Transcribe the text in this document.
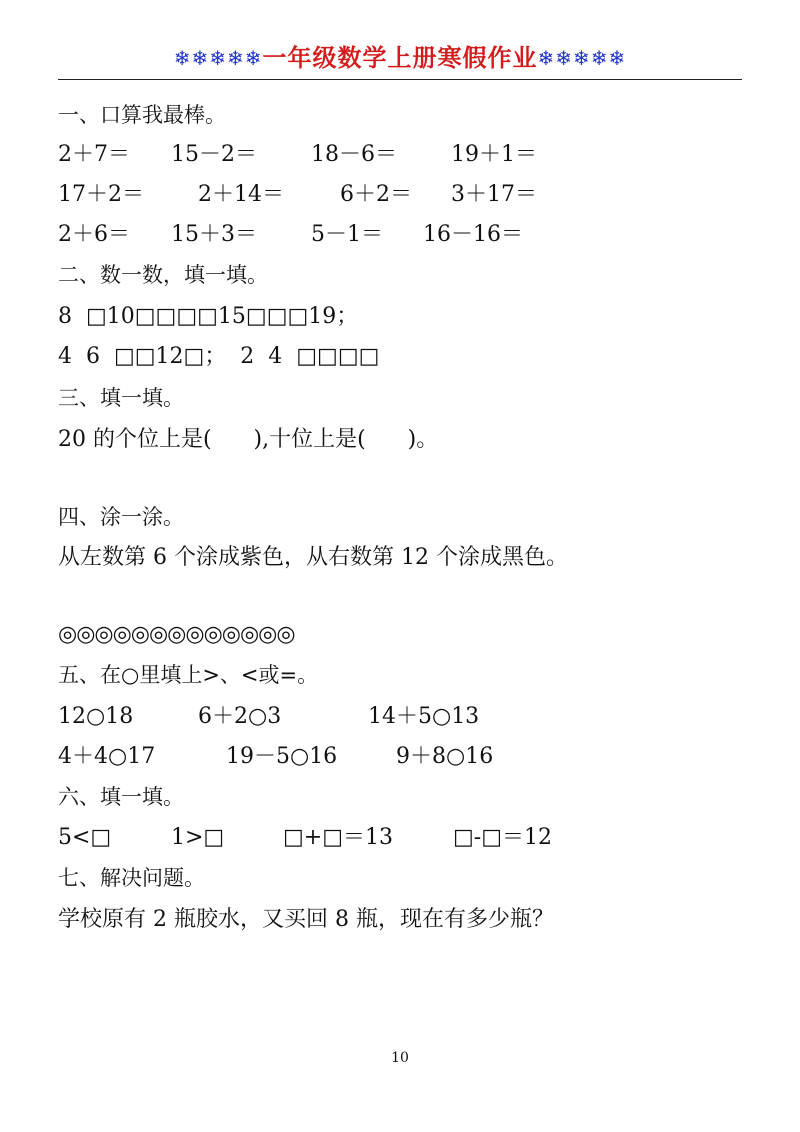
❄❄❄❄❄一年级数学上册寒假作业❄❄❄❄❄
一、口算我最棒。
2＋7＝ 15－2＝ 18－6＝ 19＋1＝
17＋2＝ 2＋14＝	6＋2＝ 3＋17＝
2＋6＝ 15＋3＝ 5－1＝ 16－16＝
二、数一数，填一填。
8  □10□□□□15□□□19；
4  6  □□12□；  2  4  □□□□
三、填一填。
20 的个位上是(      ),十位上是(      )。
四、涂一涂。
从左数第 6 个涂成紫色，从右数第 12 个涂成黑色。
◎◎◎◎◎◎◎◎◎◎◎◎◎
五、在○里填上>、<或=。
12○18	6＋2○3	14＋5○13
4＋4○17	19－5○16	9＋8○16
六、填一填。
5<□	1>□	□+□＝13	□-□＝12
七、解决问题。
学校原有 2 瓶胶水，又买回 8 瓶，现在有多少瓶？
10
